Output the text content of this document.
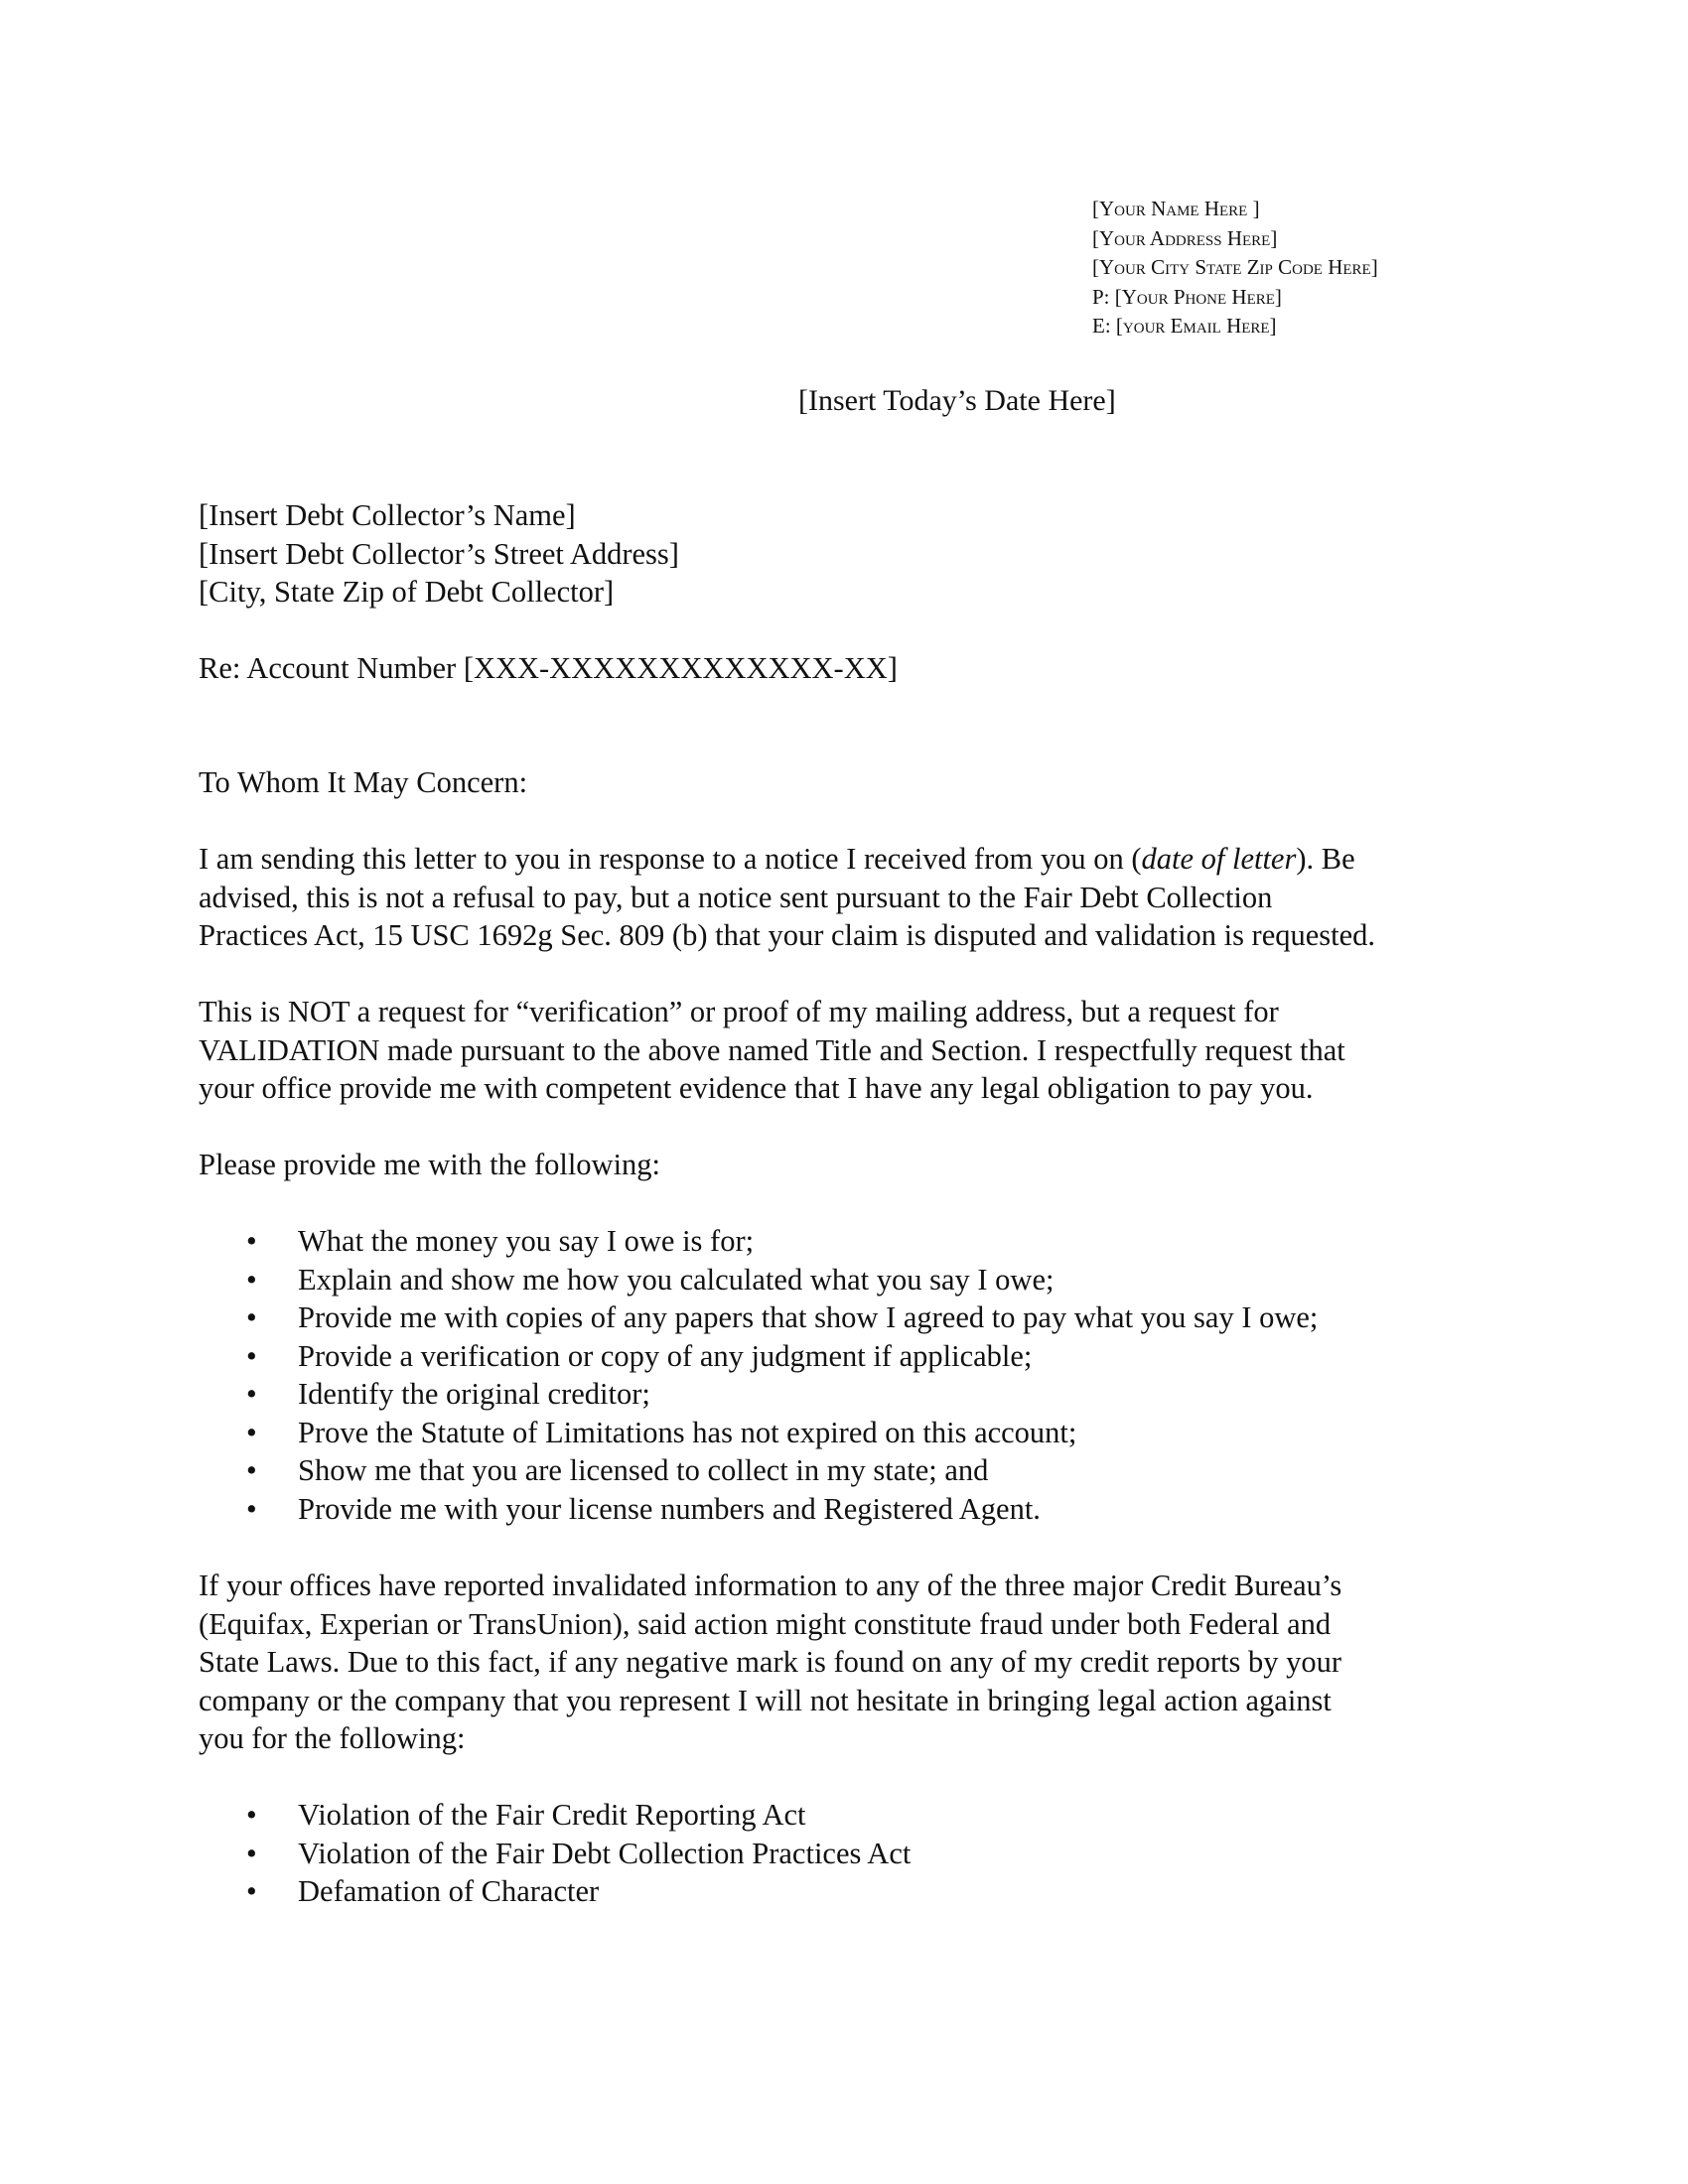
[Your Name Here ]
[Your Address Here]
[Your City State Zip Code Here]
P: [Your Phone Here]
E: [your Email Here]
[Insert Today’s Date Here]
[Insert Debt Collector’s Name]
[Insert Debt Collector’s Street Address]
[City, State Zip of Debt Collector]
Re: Account Number [XXX-XXXXXXXXXXXXX-XX]
To Whom It May Concern:
I am sending this letter to you in response to a notice I received from you on (date of letter). Be
advised, this is not a refusal to pay, but a notice sent pursuant to the Fair Debt Collection
Practices Act, 15 USC 1692g Sec. 809 (b) that your claim is disputed and validation is requested.
This is NOT a request for “verification” or proof of my mailing address, but a request for
VALIDATION made pursuant to the above named Title and Section. I respectfully request that
your office provide me with competent evidence that I have any legal obligation to pay you.
Please provide me with the following:
• What the money you say I owe is for;
• Explain and show me how you calculated what you say I owe;
• Provide me with copies of any papers that show I agreed to pay what you say I owe;
• Provide a verification or copy of any judgment if applicable;
• Identify the original creditor;
• Prove the Statute of Limitations has not expired on this account;
• Show me that you are licensed to collect in my state; and
• Provide me with your license numbers and Registered Agent.
If your offices have reported invalidated information to any of the three major Credit Bureau’s
(Equifax, Experian or TransUnion), said action might constitute fraud under both Federal and
State Laws. Due to this fact, if any negative mark is found on any of my credit reports by your
company or the company that you represent I will not hesitate in bringing legal action against
you for the following:
• Violation of the Fair Credit Reporting Act
• Violation of the Fair Debt Collection Practices Act
• Defamation of Character
